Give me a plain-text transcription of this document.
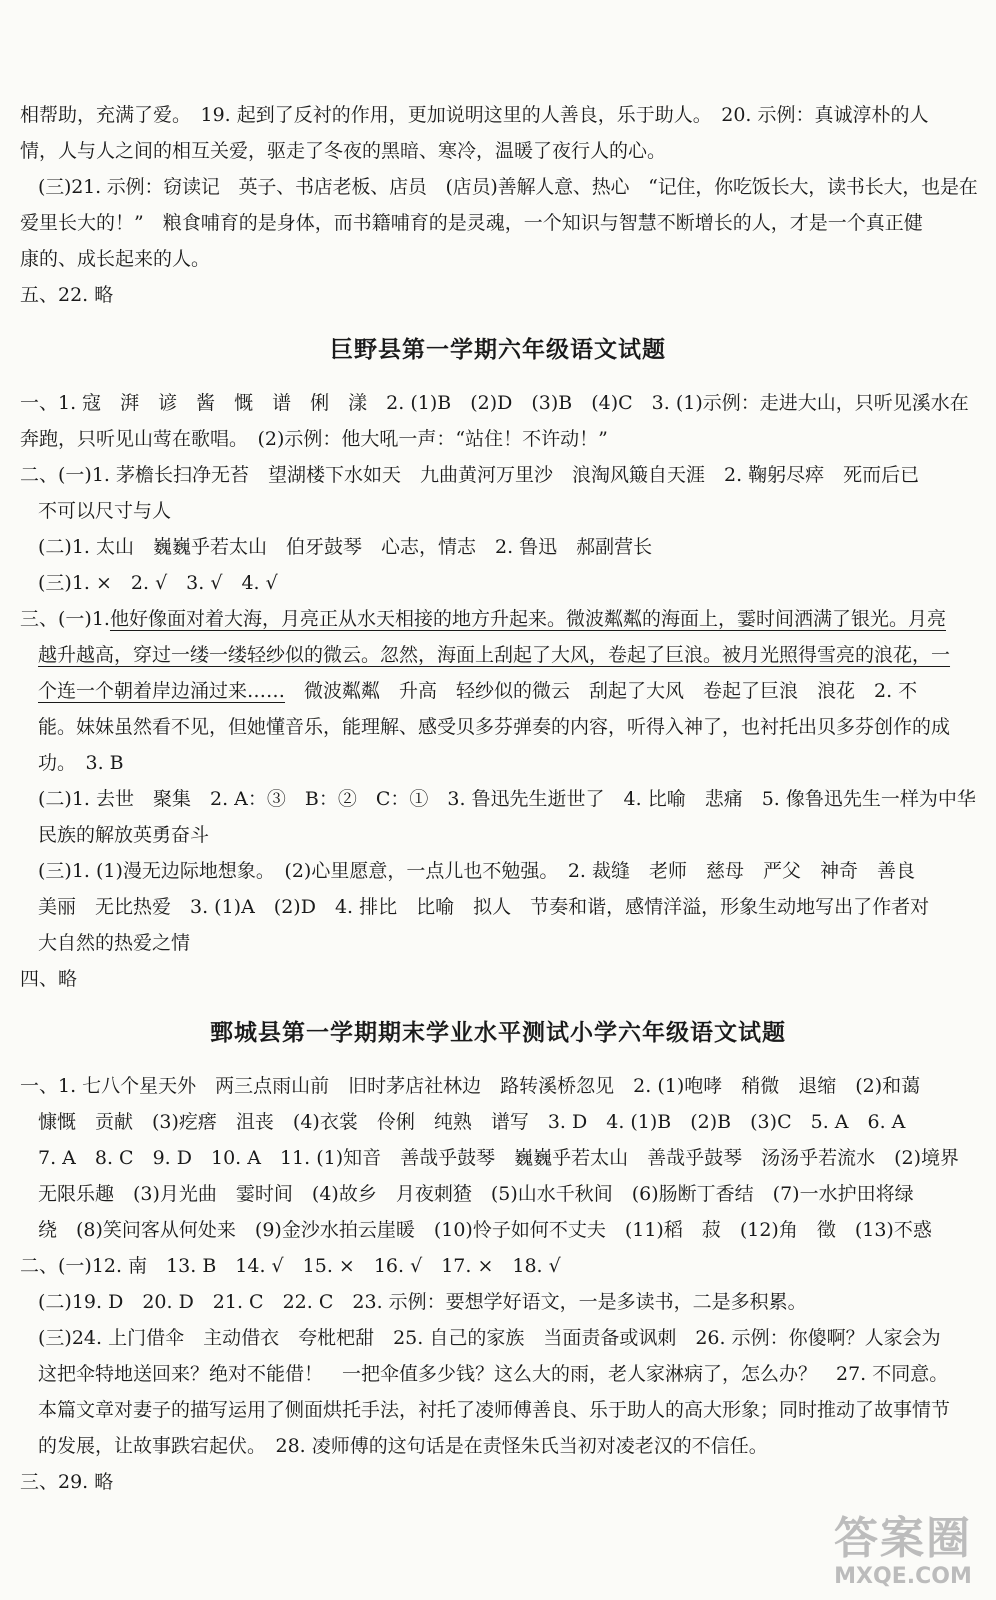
相帮助，充满了爱。　19. 起到了反衬的作用，更加说明这里的人善良，乐于助人。　20. 示例：真诚淳朴的人
情，人与人之间的相互关爱，驱走了冬夜的黑暗、寒冷，温暖了夜行人的心。
(三)21. 示例：窃读记　英子、书店老板、店员　(店员)善解人意、热心　“记住，你吃饭长大，读书长大，也是在
爱里长大的！”　粮食哺育的是身体，而书籍哺育的是灵魂，一个知识与智慧不断增长的人，才是一个真正健
康的、成长起来的人。
五、22. 略
巨野县第一学期六年级语文试题
一、1. 寇　湃　谚　酱　慨　谱　俐　漾　2. (1)B　(2)D　(3)B　(4)C　3. (1)示例：走进大山，只听见溪水在
奔跑，只听见山莺在歌唱。　(2)示例：他大吼一声：“站住！不许动！”
二、(一)1. 茅檐长扫净无苔　望湖楼下水如天　九曲黄河万里沙　浪淘风簸自天涯　2. 鞠躬尽瘁　死而后已
不可以尺寸与人
(二)1. 太山　巍巍乎若太山　伯牙鼓琴　心志，情志　2. 鲁迅　郝副营长
(三)1. ×　2. √　3. √　4. √
三、(一)1.他好像面对着大海，月亮正从水天相接的地方升起来。微波粼粼的海面上，霎时间洒满了银光。月亮
越升越高，穿过一缕一缕轻纱似的微云。忽然，海面上刮起了大风，卷起了巨浪。被月光照得雪亮的浪花，一
个连一个朝着岸边涌过来……　微波粼粼　升高　轻纱似的微云　刮起了大风　卷起了巨浪　浪花　2. 不
能。妹妹虽然看不见，但她懂音乐，能理解、感受贝多芬弹奏的内容，听得入神了，也衬托出贝多芬创作的成
功。　3. B
(二)1. 去世　聚集　2. A：③　B：②　C：①　3. 鲁迅先生逝世了　4. 比喻　悲痛　5. 像鲁迅先生一样为中华
民族的解放英勇奋斗
(三)1. (1)漫无边际地想象。　(2)心里愿意，一点儿也不勉强。　2. 裁缝　老师　慈母　严父　神奇　善良
美丽　无比热爱　3. (1)A　(2)D　4. 排比　比喻　拟人　节奏和谐，感情洋溢，形象生动地写出了作者对
大自然的热爱之情
四、略
鄄城县第一学期期末学业水平测试小学六年级语文试题
一、1. 七八个星天外　两三点雨山前　旧时茅店社林边　路转溪桥忽见　2. (1)咆哮　稍微　退缩　(2)和蔼
慷慨　贡献　(3)疙瘩　沮丧　(4)衣裳　伶俐　纯熟　谱写　3. D　4. (1)B　(2)B　(3)C　5. A　6. A
7. A　8. C　9. D　10. A　11. (1)知音　善哉乎鼓琴　巍巍乎若太山　善哉乎鼓琴　汤汤乎若流水　(2)境界
无限乐趣　(3)月光曲　霎时间　(4)故乡　月夜刺猹　(5)山水千秋间　(6)肠断丁香结　(7)一水护田将绿
绕　(8)笑问客从何处来　(9)金沙水拍云崖暖　(10)怜子如何不丈夫　(11)稻　菽　(12)角　徵　(13)不惑
二、(一)12. 南　13. B　14. √　15. ×　16. √　17. ×　18. √
(二)19. D　20. D　21. C　22. C　23. 示例：要想学好语文，一是多读书，二是多积累。
(三)24. 上门借伞　主动借衣　夸枇杷甜　25. 自己的家族　当面责备或讽刺　26. 示例：你傻啊？人家会为
这把伞特地送回来？绝对不能借！　一把伞值多少钱？这么大的雨，老人家淋病了，怎么办？　27. 不同意。
本篇文章对妻子的描写运用了侧面烘托手法，衬托了凌师傅善良、乐于助人的高大形象；同时推动了故事情节
的发展，让故事跌宕起伏。　28. 凌师傅的这句话是在责怪朱氏当初对凌老汉的不信任。
三、29. 略
答案圈
MXQE.COM
